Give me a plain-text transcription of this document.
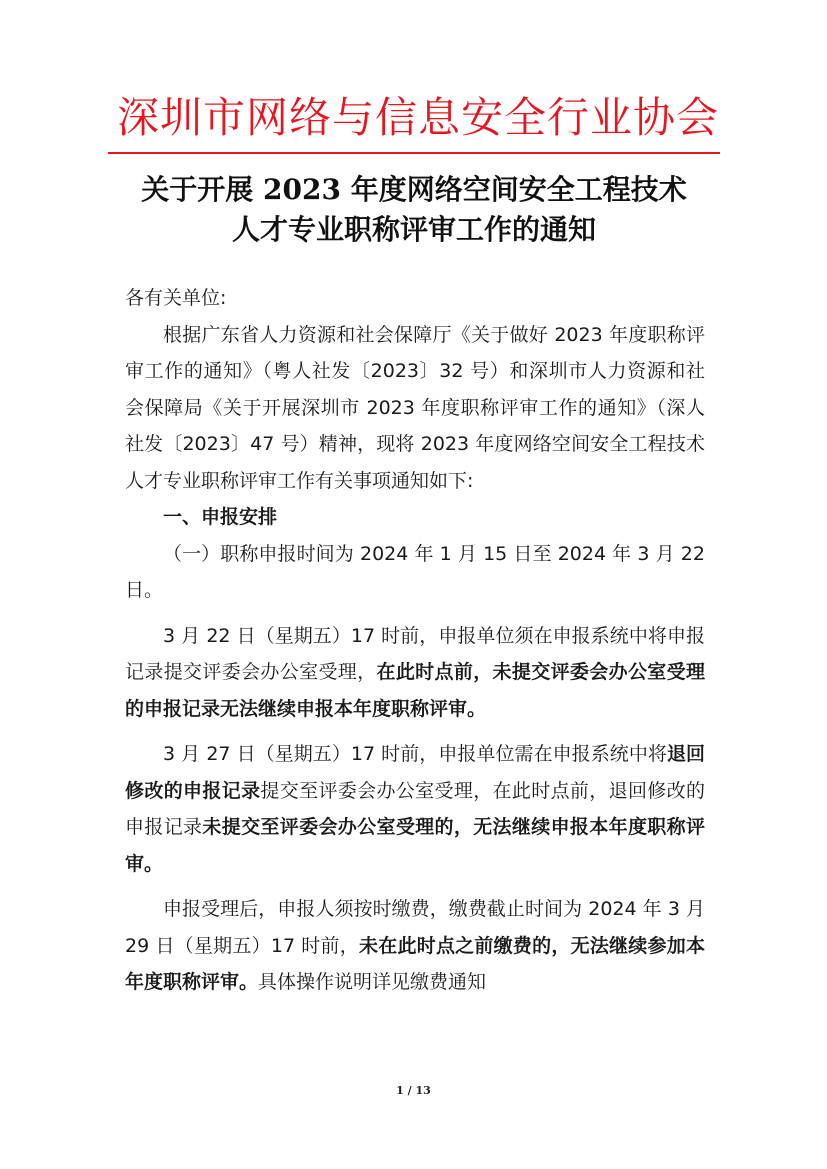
深圳市网络与信息安全行业协会
关于开展 2023 年度网络空间安全工程技术
人才专业职称评审工作的通知

各有关单位:

根据广东省人力资源和社会保障厅《关于做好 2023 年度职称评审工作的通知》（粤人社发〔2023〕32 号）和深圳市人力资源和社会保障局《关于开展深圳市 2023 年度职称评审工作的通知》（深人社发〔2023〕47 号）精神，现将 2023 年度网络空间安全工程技术人才专业职称评审工作有关事项通知如下:

一、申报安排

（一）职称申报时间为 2024 年 1 月 15 日至 2024 年 3 月 22 日。

3 月 22 日（星期五）17 时前，申报单位须在申报系统中将申报记录提交评委会办公室受理，在此时点前，未提交评委会办公室受理的申报记录无法继续申报本年度职称评审。

3 月 27 日（星期五）17 时前，申报单位需在申报系统中将退回修改的申报记录提交至评委会办公室受理，在此时点前，退回修改的申报记录未提交至评委会办公室受理的，无法继续申报本年度职称评审。

申报受理后，申报人须按时缴费，缴费截止时间为 2024 年 3 月 29 日（星期五）17 时前，未在此时点之前缴费的，无法继续参加本年度职称评审。具体操作说明详见缴费通知

1 / 13
